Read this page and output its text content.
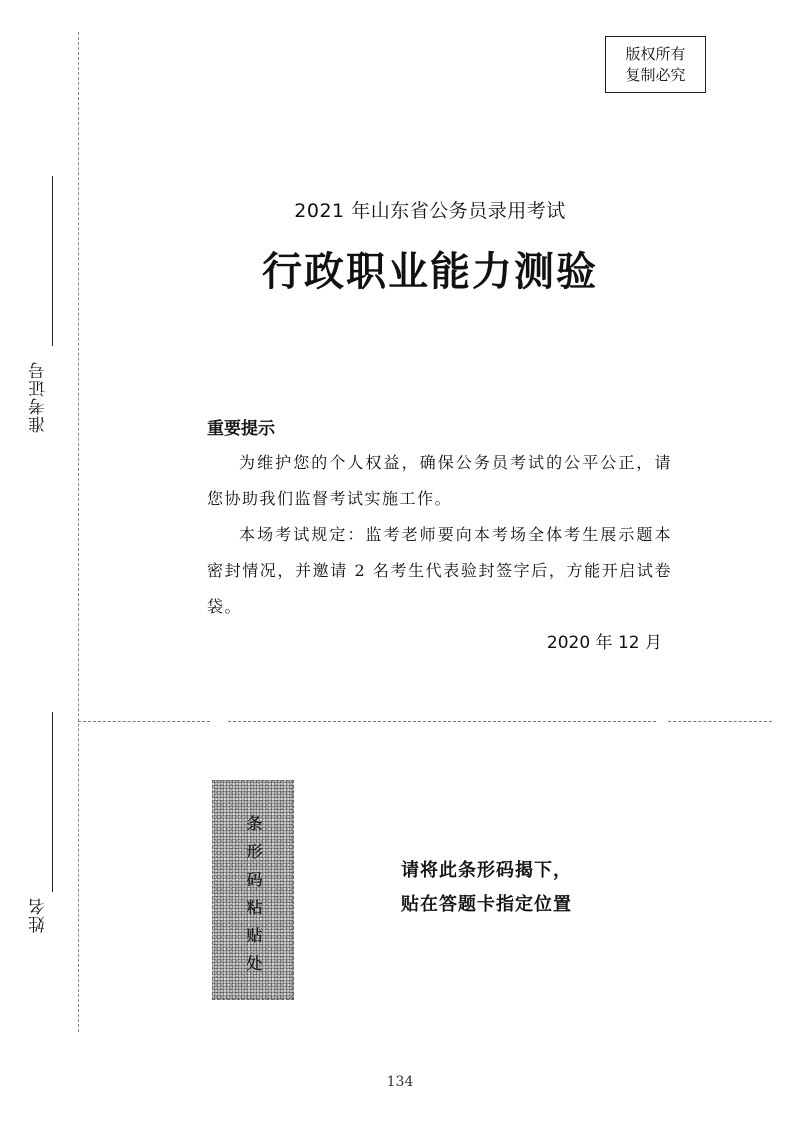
准考证号
姓名
版权所有
复制必究
2021 年山东省公务员录用考试
行政职业能力测验
重要提示
为维护您的个人权益，确保公务员考试的公平公正，请您协助我们监督考试实施工作。
本场考试规定：监考老师要向本考场全体考生展示题本密封情况，并邀请 2 名考生代表验封签字后，方能开启试卷袋。
2020 年 12 月
条形码粘贴处	请将此条形码揭下，
贴在答题卡指定位置
134
